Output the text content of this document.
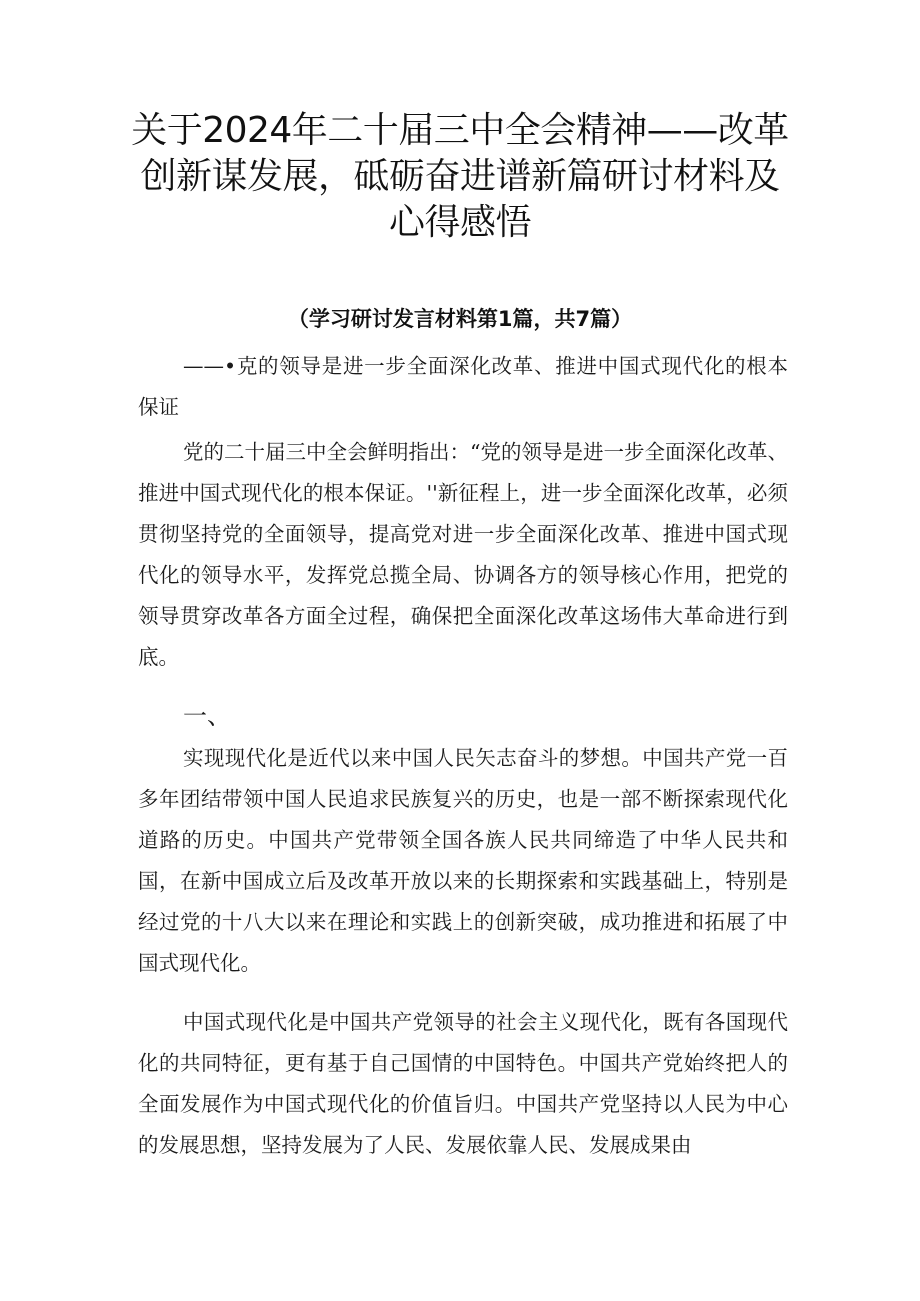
关于2024年二十届三中全会精神——改革
创新谋发展，砥砺奋进谱新篇研讨材料及
心得感悟
（学习研讨发言材料第1篇，共7篇）

——•克的领导是进一步全面深化改革、推进中国式现代化的根本保证

党的二十届三中全会鲜明指出：“党的领导是进一步全面深化改革、推进中国式现代化的根本保证。''新征程上，进一步全面深化改革，必须贯彻坚持党的全面领导，提高党对进一步全面深化改革、推进中国式现代化的领导水平，发挥党总揽全局、协调各方的领导核心作用，把党的领导贯穿改革各方面全过程，确保把全面深化改革这场伟大革命进行到底。

一、

实现现代化是近代以来中国人民矢志奋斗的梦想。中国共产党一百多年团结带领中国人民追求民族复兴的历史，也是一部不断探索现代化道路的历史。中国共产党带领全国各族人民共同缔造了中华人民共和国，在新中国成立后及改革开放以来的长期探索和实践基础上，特别是经过党的十八大以来在理论和实践上的创新突破，成功推进和拓展了中国式现代化。

中国式现代化是中国共产党领导的社会主义现代化，既有各国现代化的共同特征，更有基于自己国情的中国特色。中国共产党始终把人的全面发展作为中国式现代化的价值旨归。中国共产党坚持以人民为中心的发展思想，坚持发展为了人民、发展依靠人民、发展成果由
